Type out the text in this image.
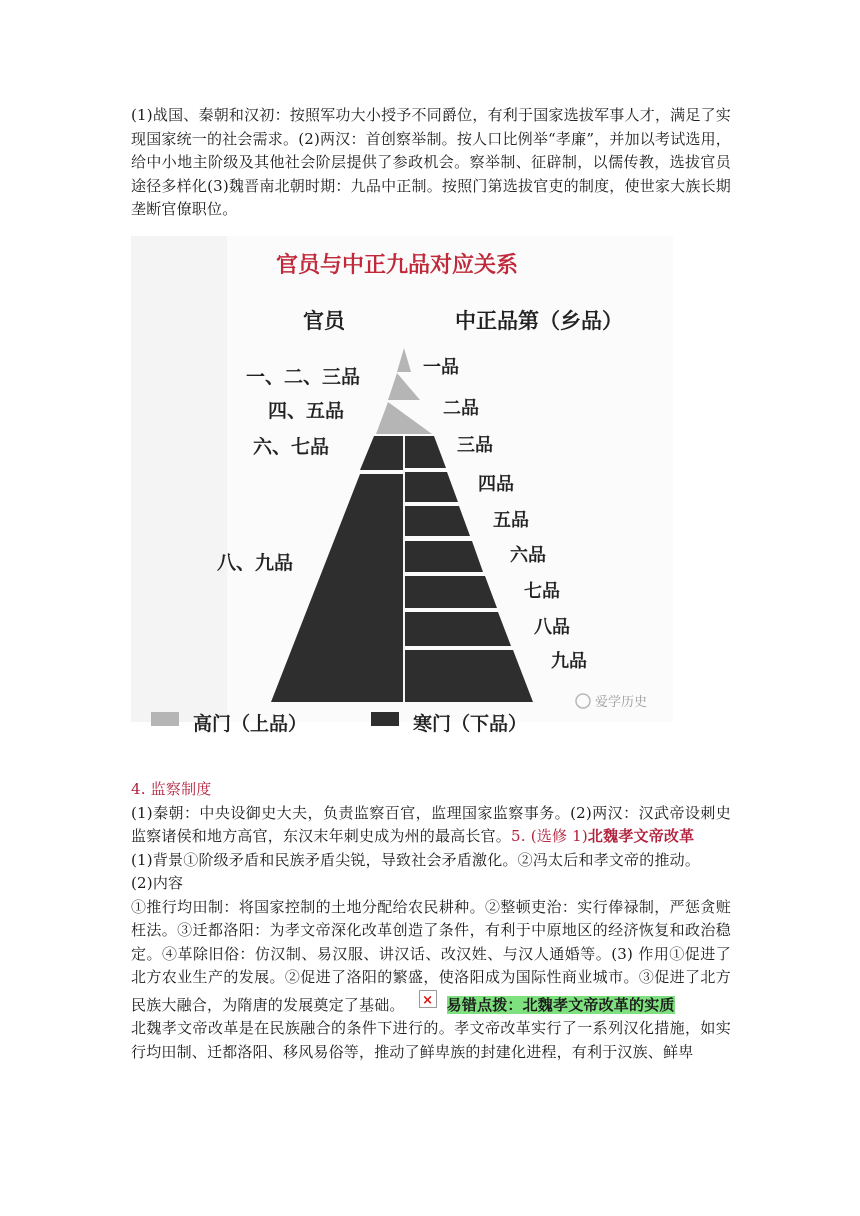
(1)战国、秦朝和汉初：按照军功大小授予不同爵位，有利于国家选拔军事人才，满足了实现国家统一的社会需求。(2)两汉：首创察举制。按人口比例举“孝廉”，并加以考试选用，给中小地主阶级及其他社会阶层提供了参政机会。察举制、征辟制，以儒传教，选拔官员途径多样化(3)魏晋南北朝时期：九品中正制。按照门第选拔官吏的制度，使世家大族长期垄断官僚职位。

官员与中正九品对应关系
官员	中正品第（乡品）
一、二、三品
四、五品
六、七品
八、九品
一品
二品
三品
四品
五品
六品
七品
八品
九品
爱学历史
高门（上品）	寒门（下品）

4. 监察制度

(1)秦朝：中央设御史大夫，负责监察百官，监理国家监察事务。(2)两汉：汉武帝设刺史监察诸侯和地方高官，东汉末年刺史成为州的最高长官。5. (选修 1)北魏孝文帝改革

(1)背景①阶级矛盾和民族矛盾尖锐，导致社会矛盾激化。②冯太后和孝文帝的推动。

(2)内容

①推行均田制：将国家控制的土地分配给农民耕种。②整顿吏治：实行俸禄制，严惩贪赃枉法。③迁都洛阳：为孝文帝深化改革创造了条件，有利于中原地区的经济恢复和政治稳定。④革除旧俗：仿汉制、易汉服、讲汉话、改汉姓、与汉人通婚等。(3) 作用①促进了北方农业生产的发展。②促进了洛阳的繁盛，使洛阳成为国际性商业城市。③促进了北方民族大融合，为隋唐的发展奠定了基础。 × 易错点拨：北魏孝文帝改革的实质

北魏孝文帝改革是在民族融合的条件下进行的。孝文帝改革实行了一系列汉化措施，如实行均田制、迁都洛阳、移风易俗等，推动了鲜卑族的封建化进程，有利于汉族、鲜卑
